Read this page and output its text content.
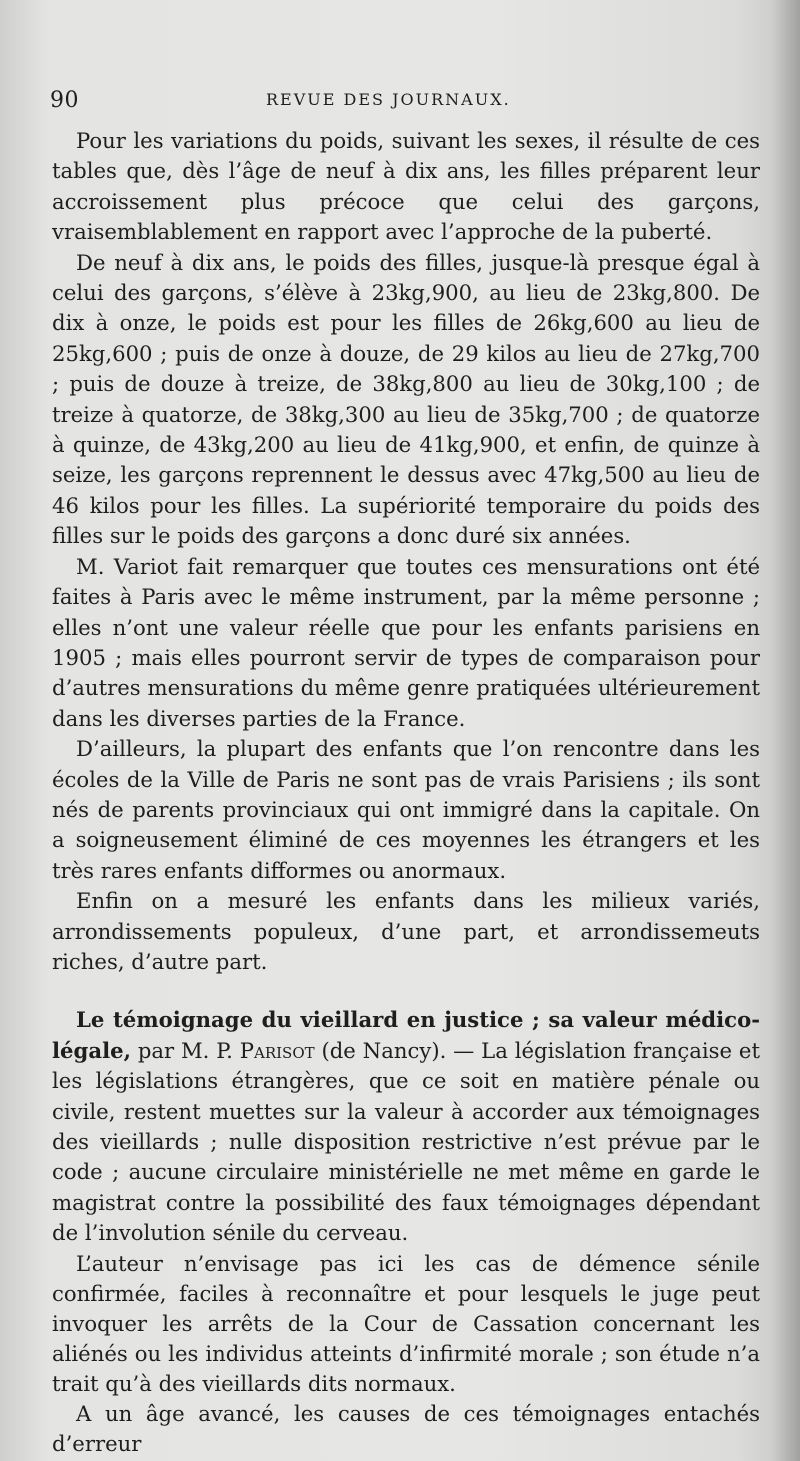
90	REVUE DES JOURNAUX.

Pour les variations du poids, suivant les sexes, il résulte de ces tables que, dès l’âge de neuf à dix ans, les filles préparent leur accroissement plus précoce que celui des garçons, vraisemblablement en rapport avec l’approche de la puberté.

De neuf à dix ans, le poids des filles, jusque-là presque égal à celui des garçons, s’élève à 23kg,900, au lieu de 23kg,800. De dix à onze, le poids est pour les filles de 26kg,600 au lieu de 25kg,600 ; puis de onze à douze, de 29 kilos au lieu de 27kg,700 ; puis de douze à treize, de 38kg,800 au lieu de 30kg,100 ; de treize à quatorze, de 38kg,300 au lieu de 35kg,700 ; de quatorze à quinze, de 43kg,200 au lieu de 41kg,900, et enfin, de quinze à seize, les garçons reprennent le dessus avec 47kg,500 au lieu de 46 kilos pour les filles. La supériorité temporaire du poids des filles sur le poids des garçons a donc duré six années.

M. Variot fait remarquer que toutes ces mensurations ont été faites à Paris avec le même instrument, par la même personne ; elles n’ont une valeur réelle que pour les enfants parisiens en 1905 ; mais elles pourront servir de types de comparaison pour d’autres mensurations du même genre pratiquées ultérieurement dans les diverses parties de la France.

D’ailleurs, la plupart des enfants que l’on rencontre dans les écoles de la Ville de Paris ne sont pas de vrais Parisiens ; ils sont nés de parents provinciaux qui ont immigré dans la capitale. On a soigneusement éliminé de ces moyennes les étrangers et les très rares enfants difformes ou anormaux.

Enfin on a mesuré les enfants dans les milieux variés, arrondissements populeux, d’une part, et arrondissemeuts riches, d’autre part.

Le témoignage du vieillard en justice ; sa valeur médico-légale, par M. P. Parisot (de Nancy). — La législation française et les législations étrangères, que ce soit en matière pénale ou civile, restent muettes sur la valeur à accorder aux témoignages des vieillards ; nulle disposition restrictive n’est prévue par le code ; aucune circulaire ministérielle ne met même en garde le magistrat contre la possibilité des faux témoignages dépendant de l’involution sénile du cerveau.

L’auteur n’envisage pas ici les cas de démence sénile confirmée, faciles à reconnaître et pour lesquels le juge peut invoquer les arrêts de la Cour de Cassation concernant les aliénés ou les individus atteints d’infirmité morale ; son étude n’a trait qu’à des vieillards dits normaux.

A un âge avancé, les causes de ces témoignages entachés d’erreur
